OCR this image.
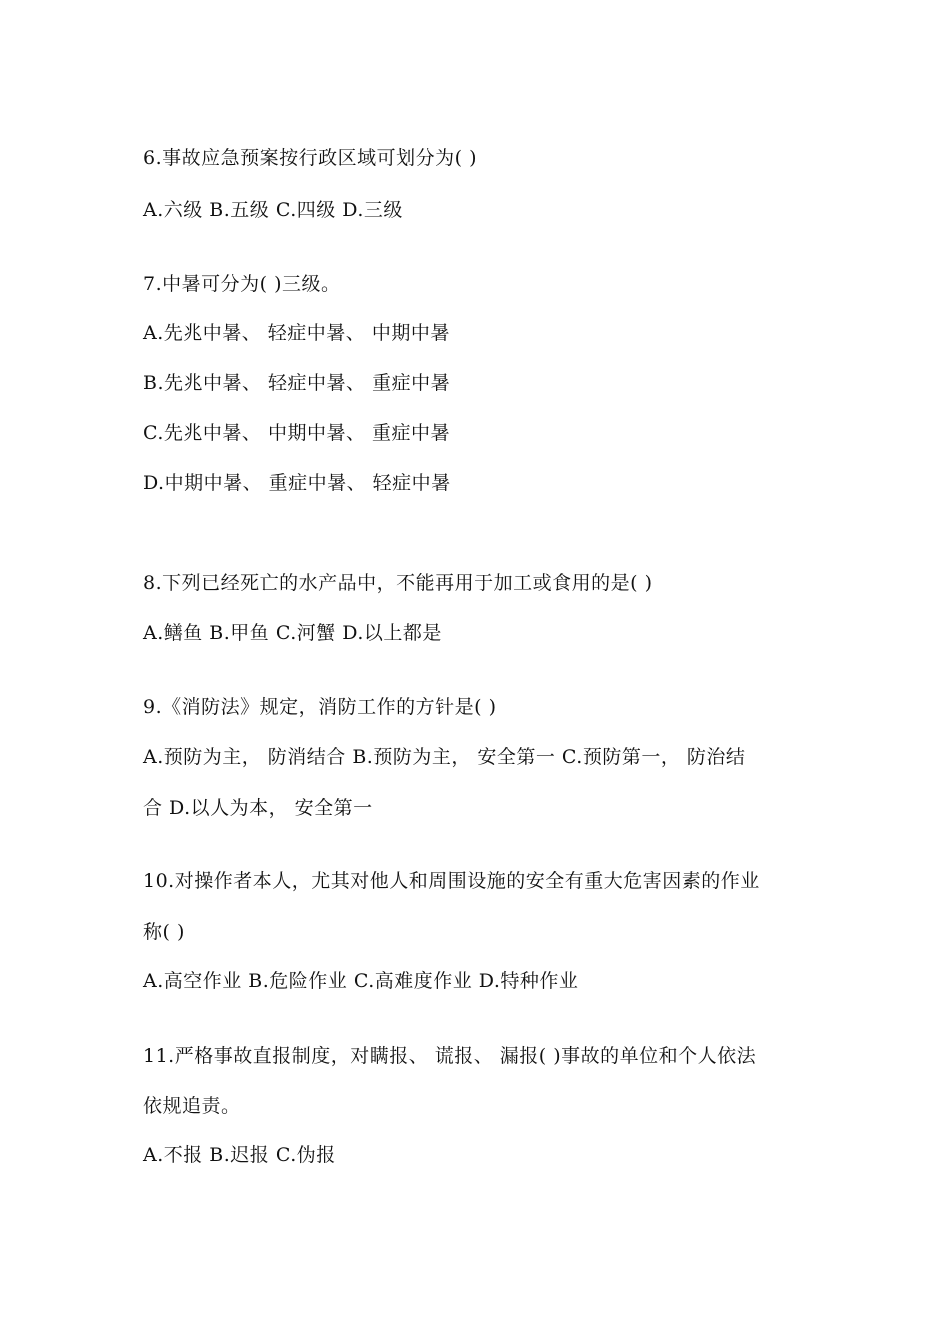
6.事故应急预案按行政区域可划分为( )
A.六级 B.五级 C.四级 D.三级
7.中暑可分为( )三级。
A.先兆中暑、 轻症中暑、 中期中暑
B.先兆中暑、 轻症中暑、 重症中暑
C.先兆中暑、 中期中暑、 重症中暑
D.中期中暑、 重症中暑、 轻症中暑
8.下列已经死亡的水产品中，不能再用于加工或食用的是( )
A.鳝鱼 B.甲鱼 C.河蟹 D.以上都是
9.《消防法》规定，消防工作的方针是( )
A.预防为主， 防消结合 B.预防为主， 安全第一 C.预防第一， 防治结
合 D.以人为本， 安全第一
10.对操作者本人，尤其对他人和周围设施的安全有重大危害因素的作业
称( )
A.高空作业 B.危险作业 C.高难度作业 D.特种作业
11.严格事故直报制度，对瞒报、 谎报、 漏报( )事故的单位和个人依法
依规追责。
A.不报 B.迟报 C.伪报
